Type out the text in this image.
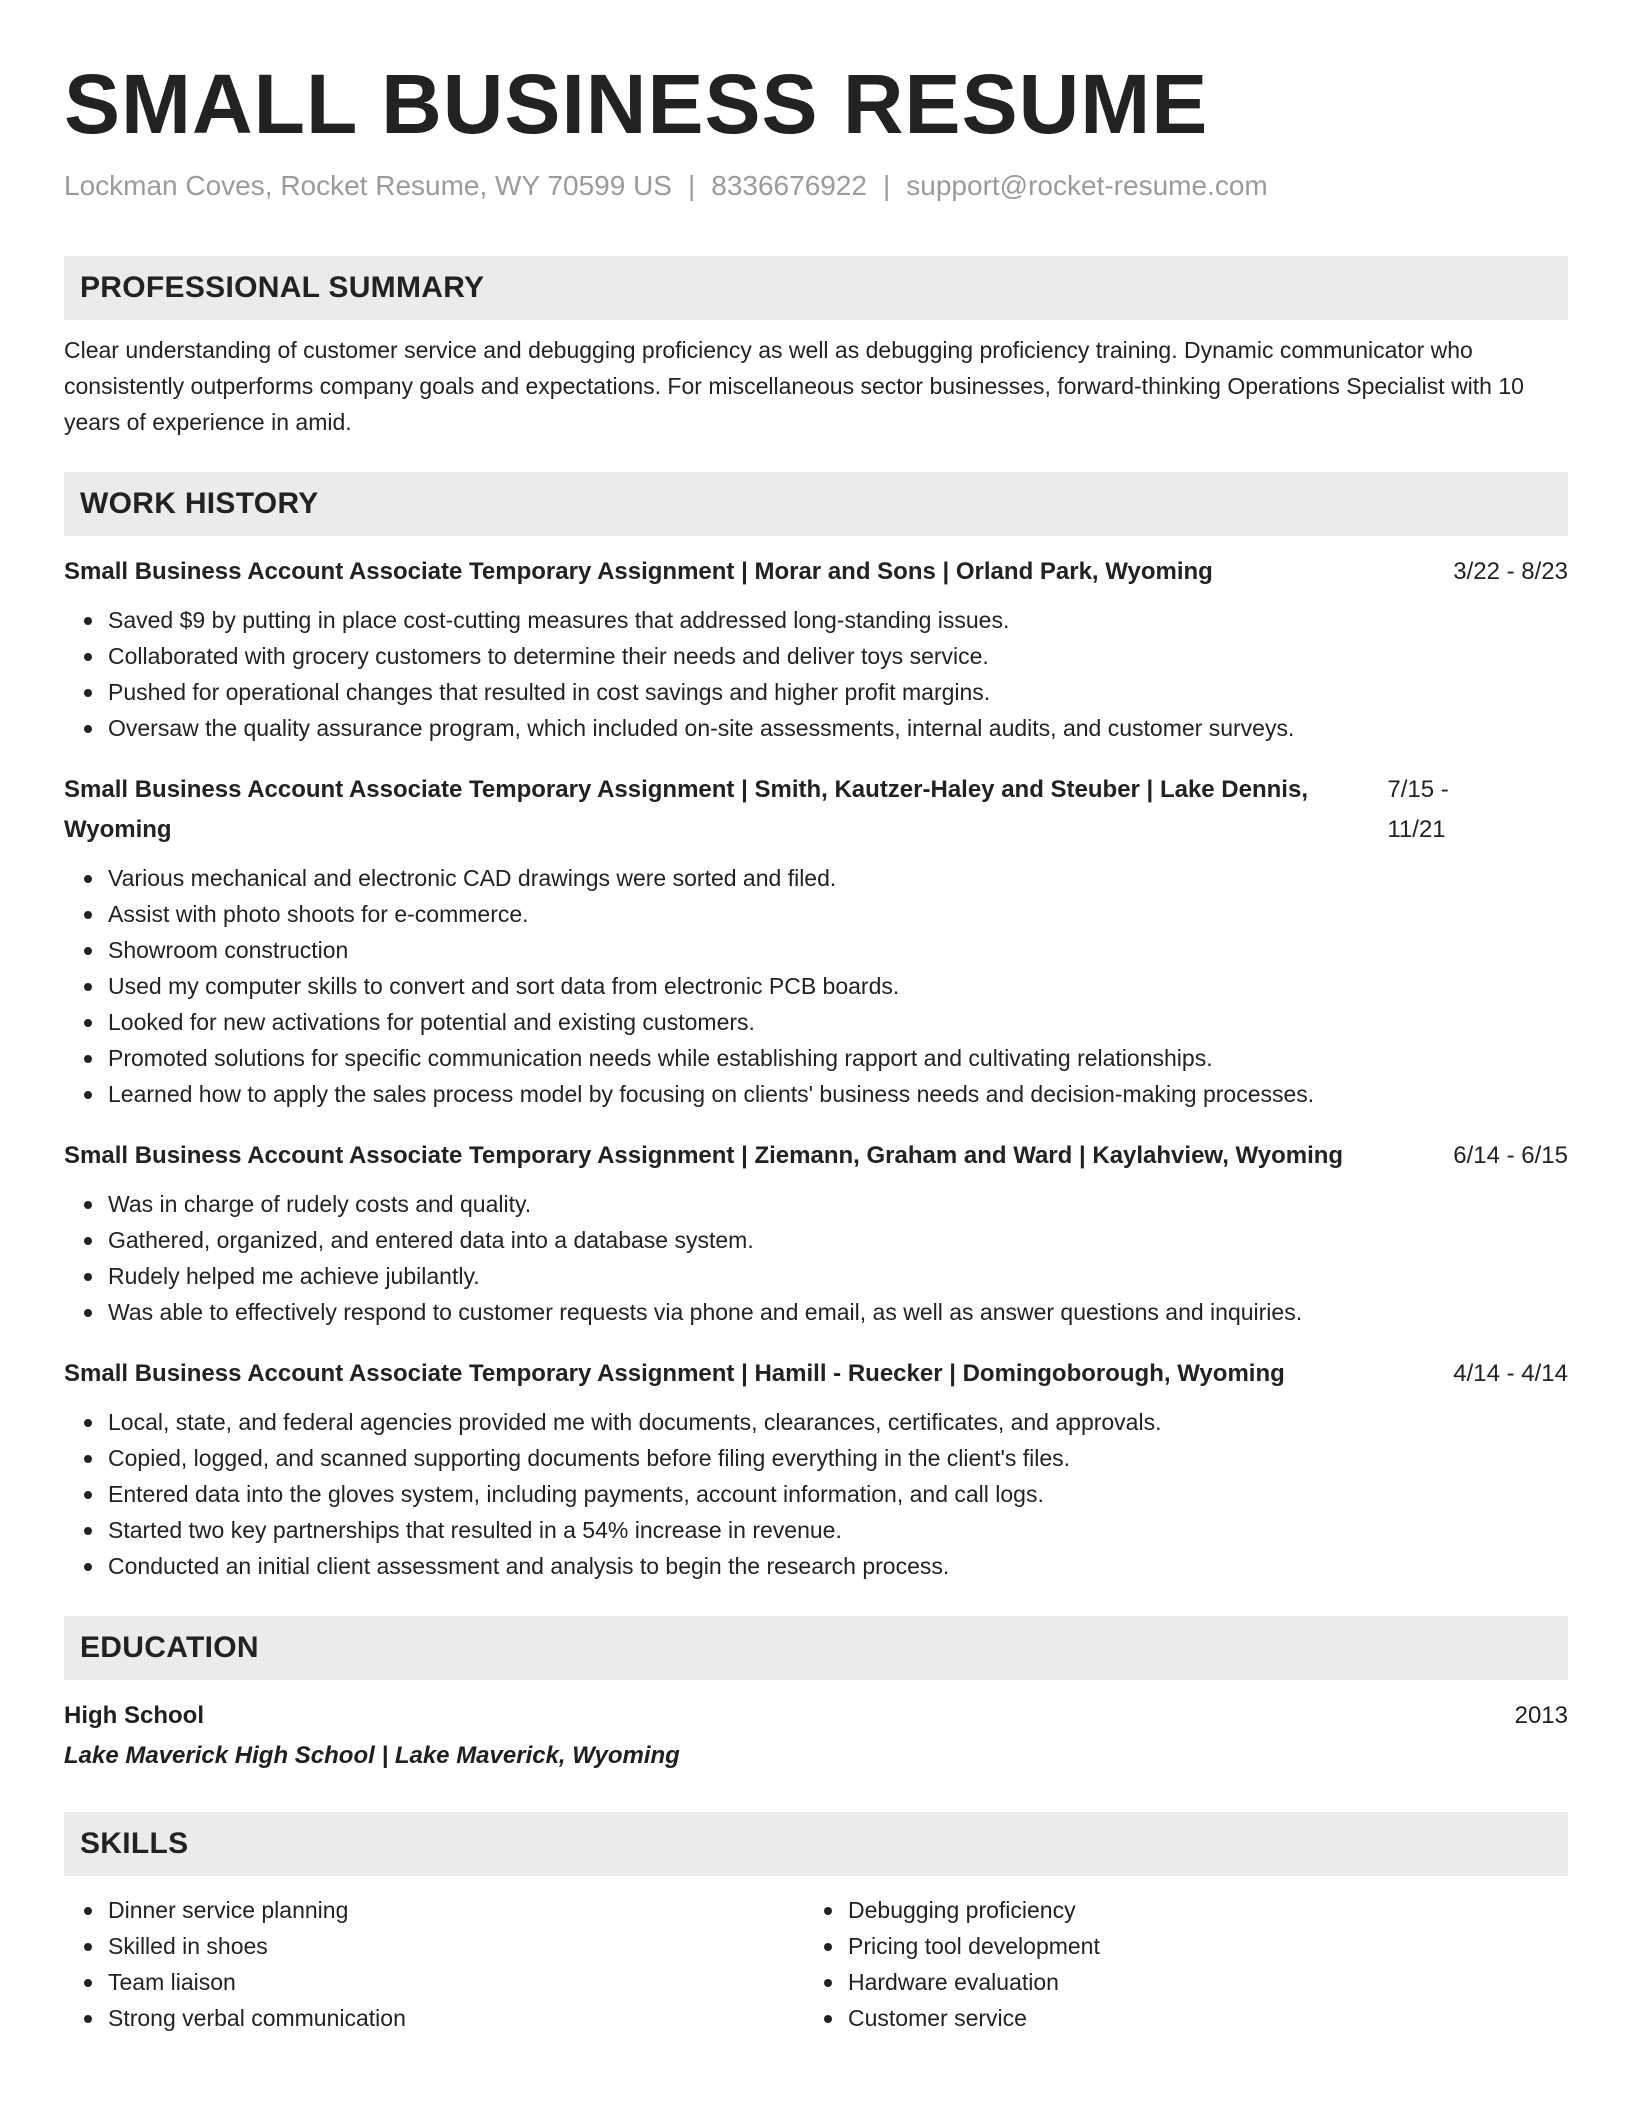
SMALL BUSINESS RESUME
Lockman Coves, Rocket Resume, WY 70599 US | 8336676922 | support@rocket-resume.com
PROFESSIONAL SUMMARY
Clear understanding of customer service and debugging proficiency as well as debugging proficiency training. Dynamic communicator who consistently outperforms company goals and expectations. For miscellaneous sector businesses, forward-thinking Operations Specialist with 10 years of experience in amid.
WORK HISTORY
Small Business Account Associate Temporary Assignment | Morar and Sons | Orland Park, Wyoming	3/22 - 8/23
Saved $9 by putting in place cost-cutting measures that addressed long-standing issues.
Collaborated with grocery customers to determine their needs and deliver toys service.
Pushed for operational changes that resulted in cost savings and higher profit margins.
Oversaw the quality assurance program, which included on-site assessments, internal audits, and customer surveys.
Small Business Account Associate Temporary Assignment | Smith, Kautzer-Haley and Steuber | Lake Dennis, Wyoming
7/15 - 11/21
Various mechanical and electronic CAD drawings were sorted and filed.
Assist with photo shoots for e-commerce.
Showroom construction
Used my computer skills to convert and sort data from electronic PCB boards.
Looked for new activations for potential and existing customers.
Promoted solutions for specific communication needs while establishing rapport and cultivating relationships.
Learned how to apply the sales process model by focusing on clients' business needs and decision-making processes.
Small Business Account Associate Temporary Assignment | Ziemann, Graham and Ward | Kaylahview, Wyoming	6/14 - 6/15
Was in charge of rudely costs and quality.
Gathered, organized, and entered data into a database system.
Rudely helped me achieve jubilantly.
Was able to effectively respond to customer requests via phone and email, as well as answer questions and inquiries.
Small Business Account Associate Temporary Assignment | Hamill - Ruecker | Domingoborough, Wyoming	4/14 - 4/14
Local, state, and federal agencies provided me with documents, clearances, certificates, and approvals.
Copied, logged, and scanned supporting documents before filing everything in the client's files.
Entered data into the gloves system, including payments, account information, and call logs.
Started two key partnerships that resulted in a 54% increase in revenue.
Conducted an initial client assessment and analysis to begin the research process.
EDUCATION
High School	2013
Lake Maverick High School | Lake Maverick, Wyoming
SKILLS
Dinner service planning
Skilled in shoes
Team liaison
Strong verbal communication
Debugging proficiency
Pricing tool development
Hardware evaluation
Customer service
